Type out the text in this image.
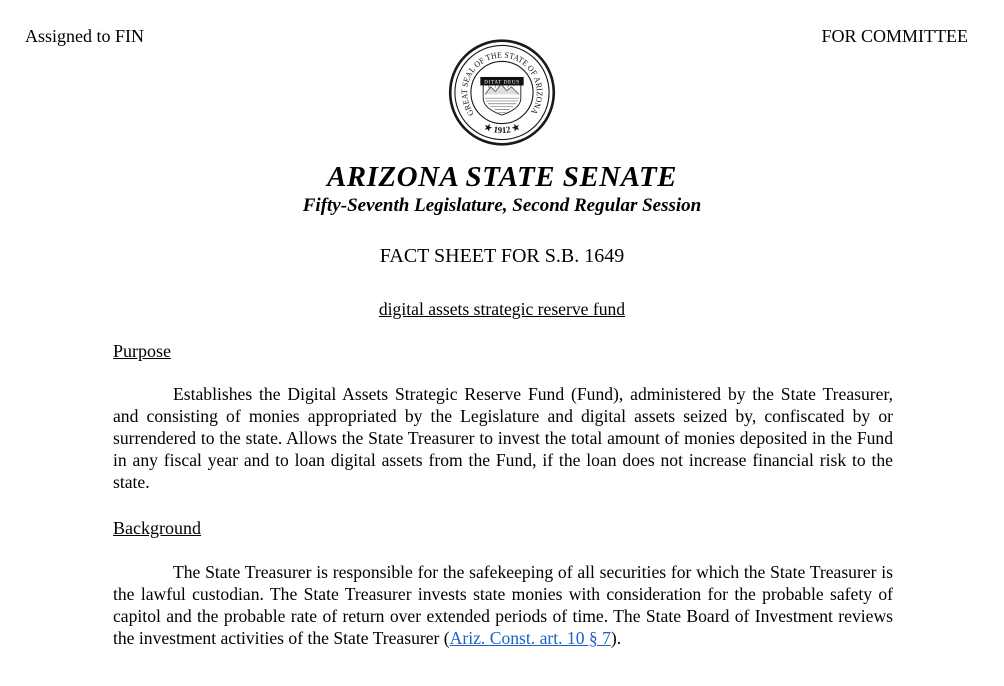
Assigned to FIN	FOR COMMITTEE
GREAT SEAL OF THE STATE OF ARIZONA
★ 1912 ★
DITAT DEUS
ARIZONA STATE SENATE
Fifty-Seventh Legislature, Second Regular Session
FACT SHEET FOR S.B. 1649
digital assets strategic reserve fund
Purpose

Establishes the Digital Assets Strategic Reserve Fund (Fund), administered by the State Treasurer, and consisting of monies appropriated by the Legislature and digital assets seized by, confiscated by or surrendered to the state. Allows the State Treasurer to invest the total amount of monies deposited in the Fund in any fiscal year and to loan digital assets from the Fund, if the loan does not increase financial risk to the state.

Background

The State Treasurer is responsible for the safekeeping of all securities for which the State Treasurer is the lawful custodian. The State Treasurer invests state monies with consideration for the probable safety of capitol and the probable rate of return over extended periods of time. The State Board of Investment reviews the investment activities of the State Treasurer (Ariz. Const. art. 10 § 7).
